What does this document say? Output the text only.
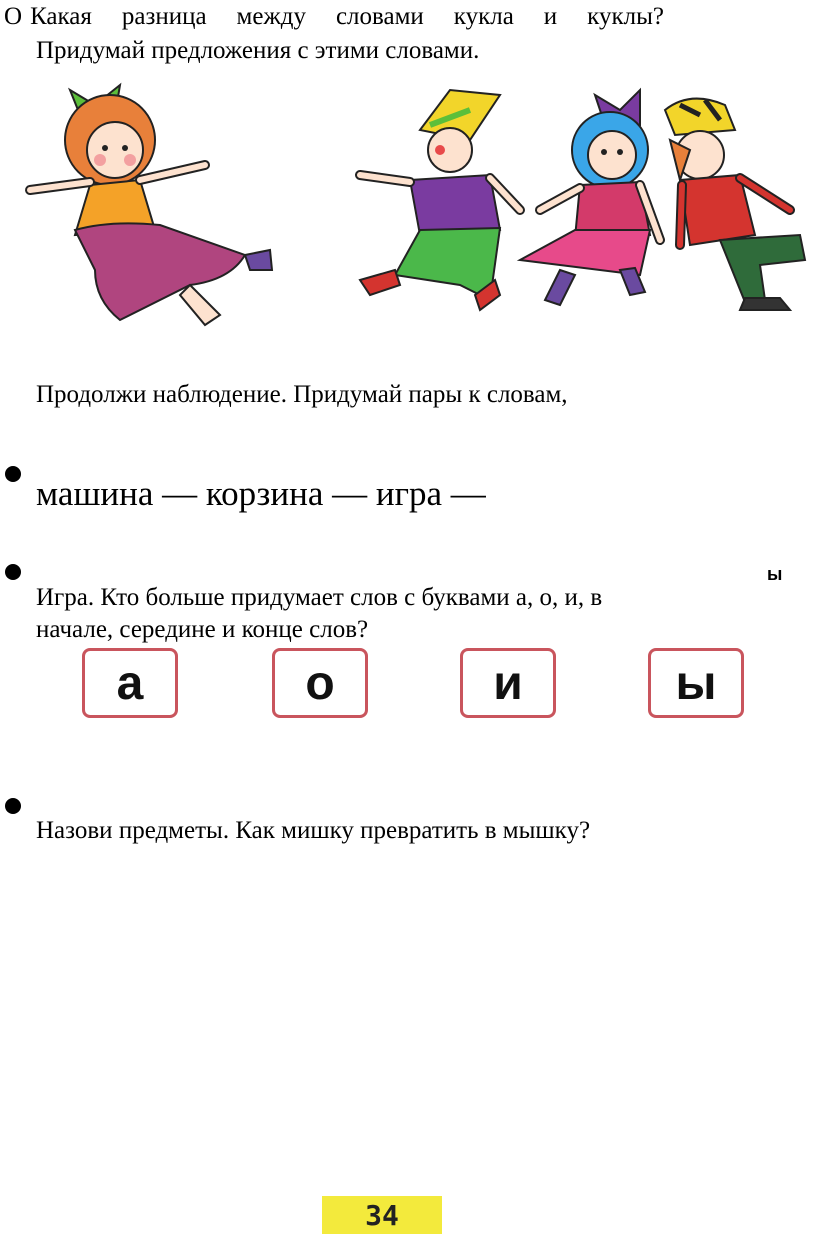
О Какая разница между словами кукла и куклы?
Придумай предложения с этими словами.
Продолжи наблюдение. Придумай пары к словам,
машина — корзина — игра —
ы
Игра. Кто больше придумает слов с буквами а, о, и, в начале, середине и конце слов?
а	о	и	ы
Назови предметы. Как мишку превратить в мышку?
34
